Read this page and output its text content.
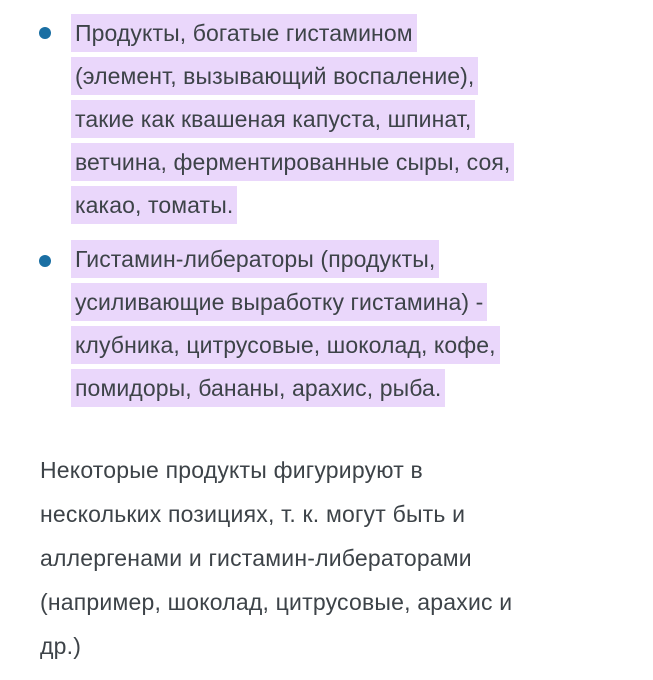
Продукты, богатые гистамином
(элемент, вызывающий воспаление),
такие как квашеная капуста, шпинат,
ветчина, ферментированные сыры, соя,
какао, томаты.
Гистамин-либераторы (продукты,
усиливающие выработку гистамина) -
клубника, цитрусовые, шоколад, кофе,
помидоры, бананы, арахис, рыба.

Некоторые продукты фигурируют в
нескольких позициях, т. к. могут быть и
аллергенами и гистамин-либераторами
(например, шоколад, цитрусовые, арахис и
др.)
